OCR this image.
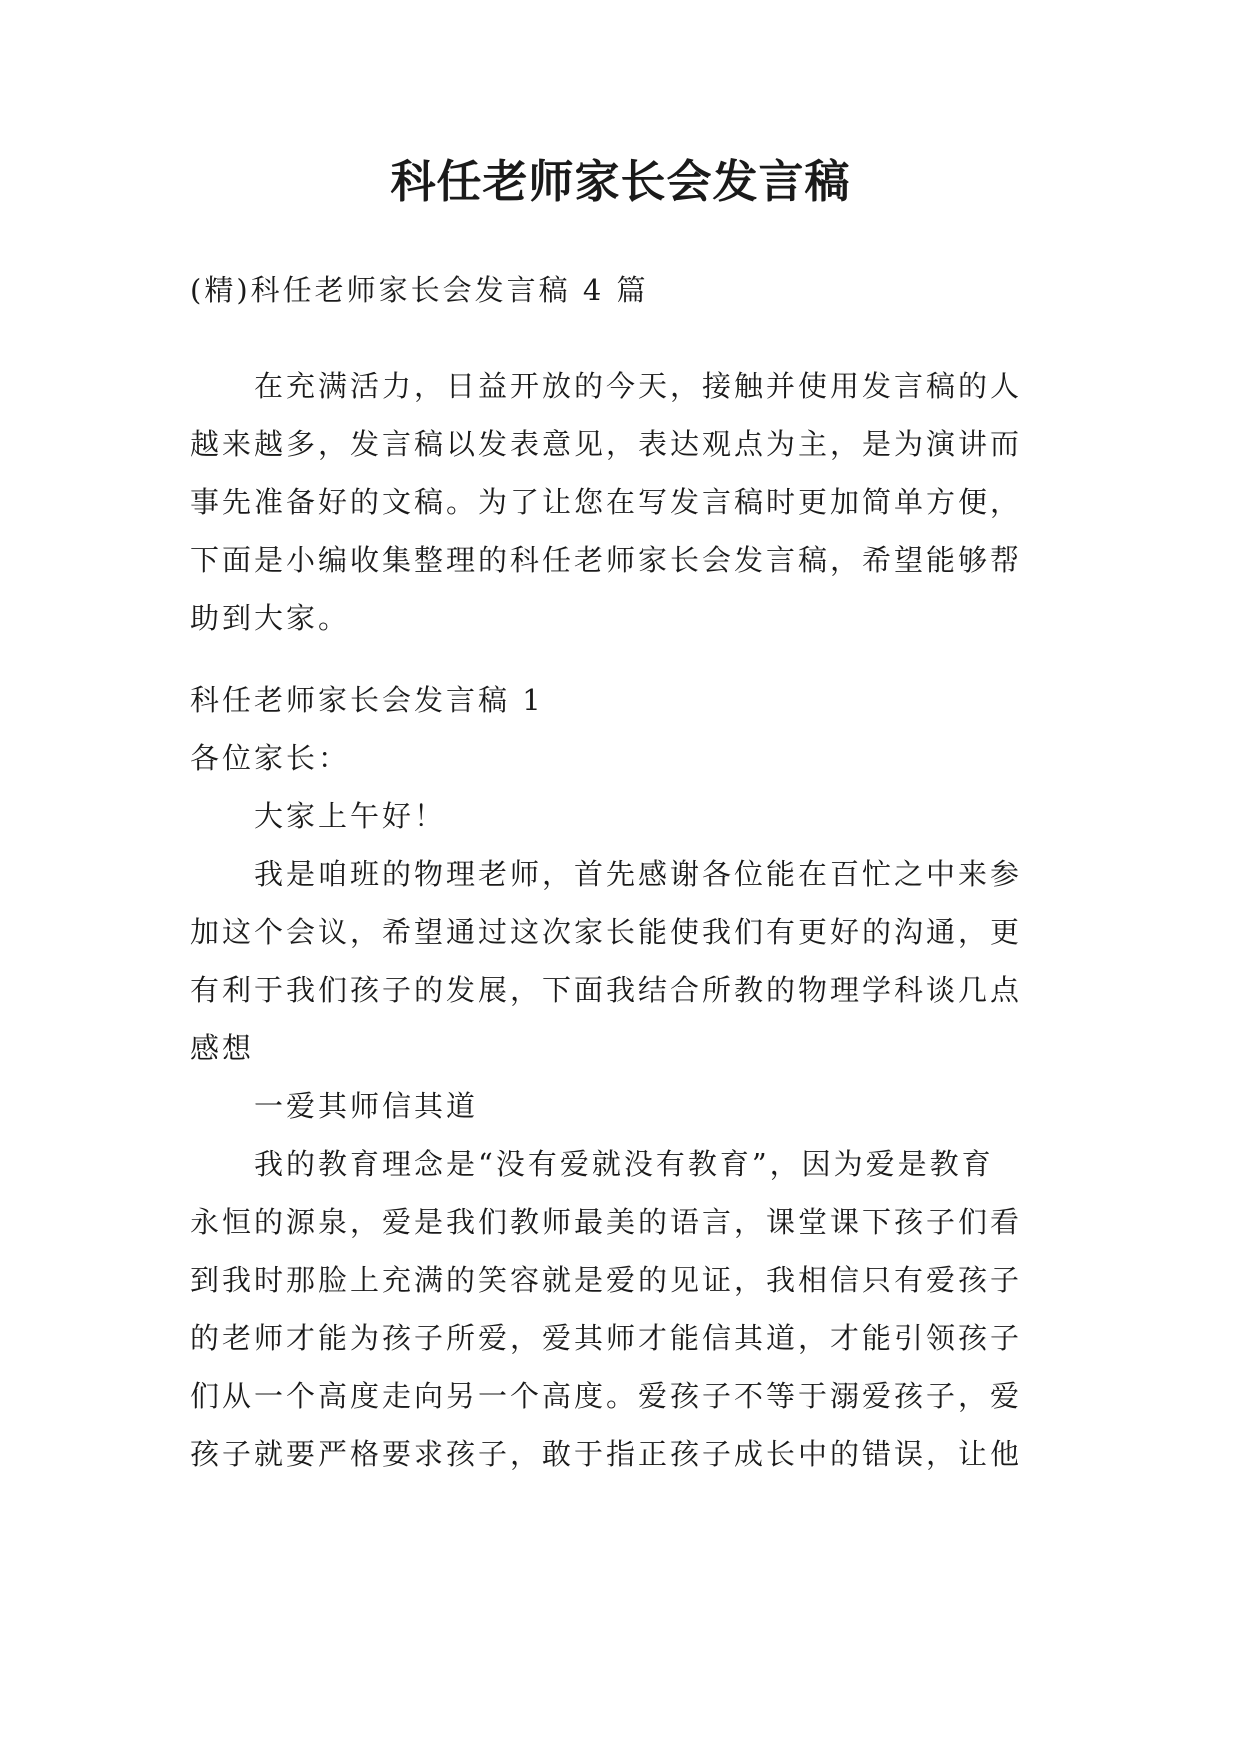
科任老师家长会发言稿

(精)科任老师家长会发言稿 4 篇

在充满活力，日益开放的今天，接触并使用发言稿的人
越来越多，发言稿以发表意见，表达观点为主，是为演讲而
事先准备好的文稿。为了让您在写发言稿时更加简单方便，
下面是小编收集整理的科任老师家长会发言稿，希望能够帮
助到大家。
科任老师家长会发言稿 1
各位家长：
大家上午好！
我是咱班的物理老师，首先感谢各位能在百忙之中来参
加这个会议，希望通过这次家长能使我们有更好的沟通，更
有利于我们孩子的发展，下面我结合所教的物理学科谈几点
感想
一爱其师信其道
我的教育理念是“没有爱就没有教育”，因为爱是教育
永恒的源泉，爱是我们教师最美的语言，课堂课下孩子们看
到我时那脸上充满的笑容就是爱的见证，我相信只有爱孩子
的老师才能为孩子所爱，爱其师才能信其道，才能引领孩子
们从一个高度走向另一个高度。爱孩子不等于溺爱孩子，爱
孩子就要严格要求孩子，敢于指正孩子成长中的错误，让他
